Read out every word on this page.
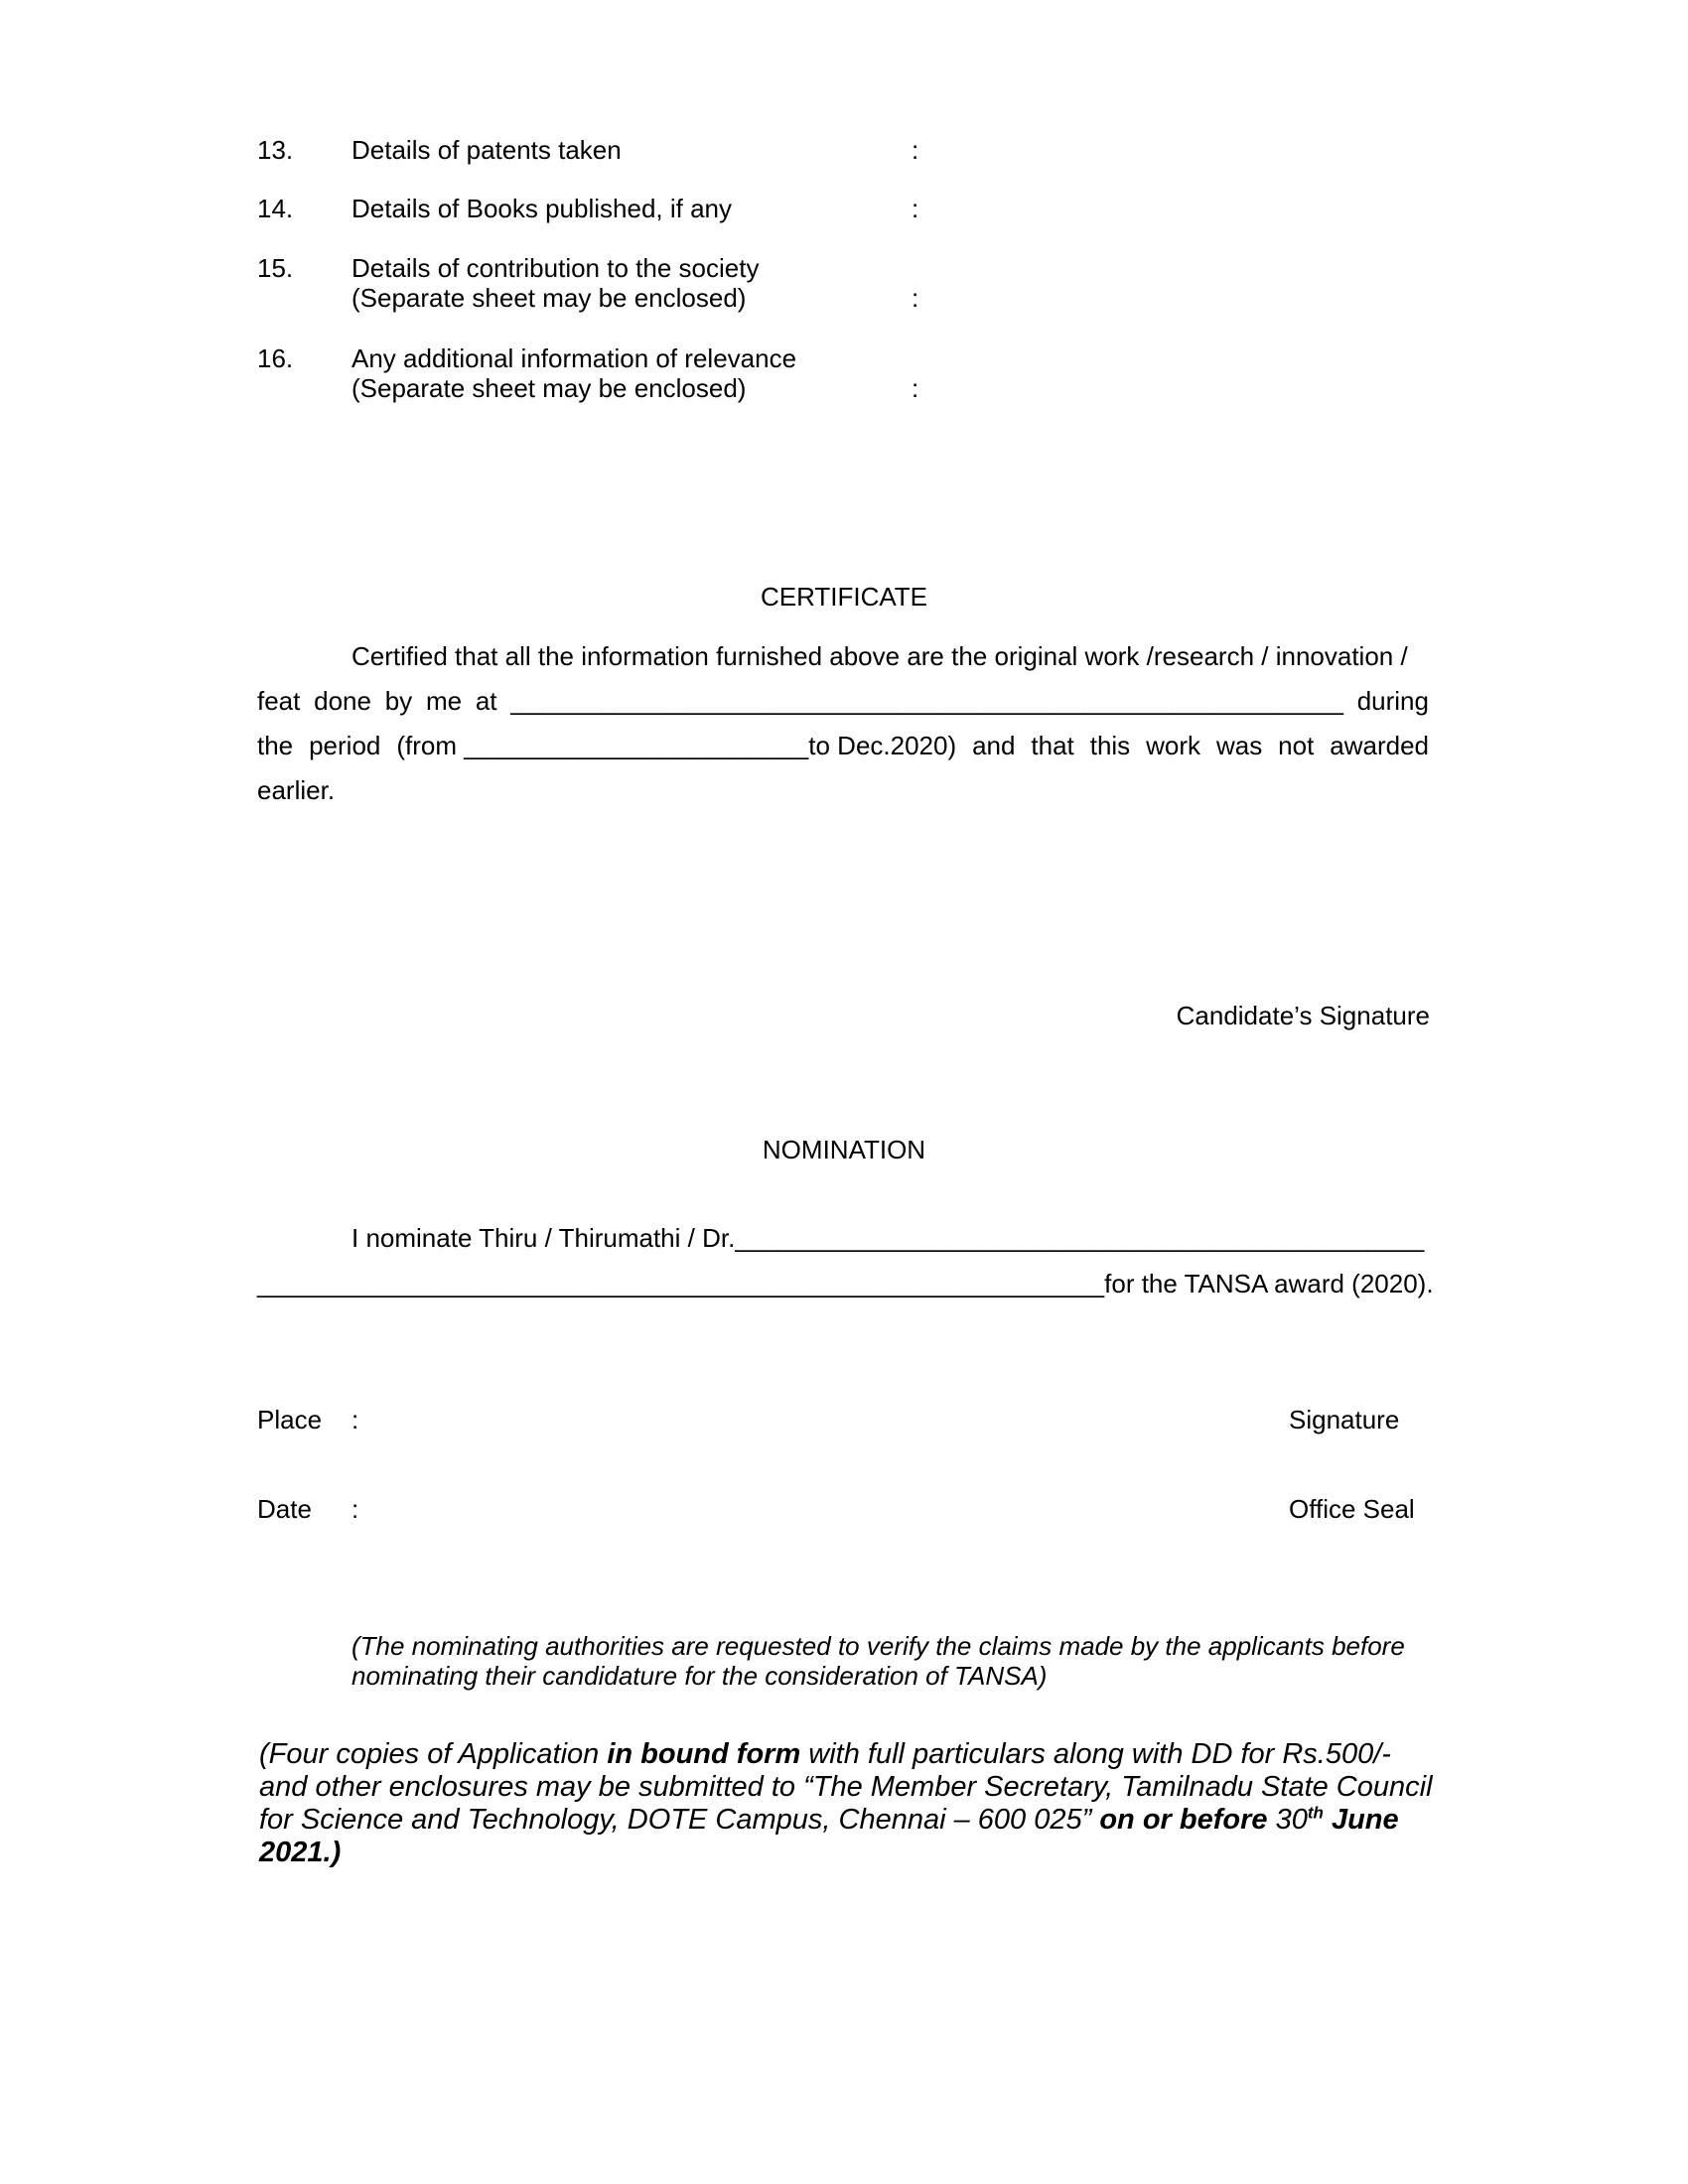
13. Details of patents taken	:
14. Details of Books published, if any	:
15. Details of contribution to the society
(Separate sheet may be enclosed)	:
16. Any additional information of relevance
(Separate sheet may be enclosed)	:
CERTIFICATE
Certified that all the information furnished above are the original work /research / innovation /
feat done by me at __________________________________________________________ during
the period (from ________________________to Dec.2020) and that this work was not awarded
earlier.
Candidate’s Signature
NOMINATION
I nominate Thiru / Thirumathi / Dr.________________________________________________
___________________________________________________________for the TANSA award (2020).
Place :	Signature
Date :	Office Seal
(The nominating authorities are requested to verify the claims made by the applicants before
nominating their candidature for the consideration of TANSA)
(Four copies of Application in bound form with full particulars along with DD for Rs.500/-
and other enclosures may be submitted to “The Member Secretary, Tamilnadu State Council
for Science and Technology, DOTE Campus, Chennai – 600 025” on or before 30th June
2021.)
